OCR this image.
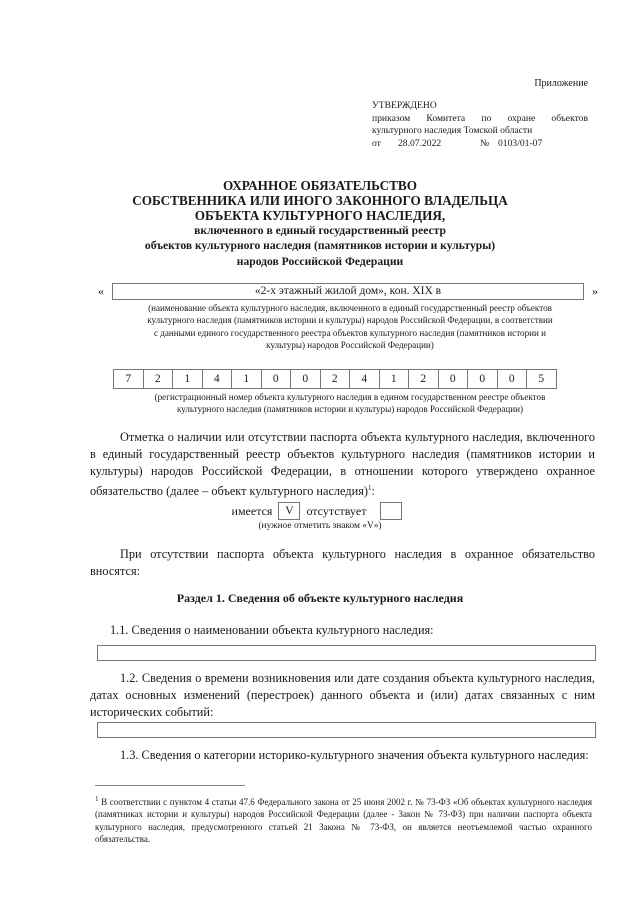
Приложение
УТВЕРЖДЕНО
приказом Комитета по охране объектов
культурного наследия Томской области
от	28.07.2022	№ 0103/01-07
ОХРАННОЕ ОБЯЗАТЕЛЬСТВО
СОБСТВЕННИКА ИЛИ ИНОГО ЗАКОННОГО ВЛАДЕЛЬЦА
ОБЪЕКТА КУЛЬТУРНОГО НАСЛЕДИЯ,
включенного в единый государственный реестр
объектов культурного наследия (памятников истории и культуры)
народов Российской Федерации
«	«2-х этажный жилой дом», кон. XIX в	»
(наименование объекта культурного наследия, включенного в единый государственный реестр объектов
культурного наследия (памятников истории и культуры) народов Российской Федерации, в соответствии
с данными единого государственного реестра объектов культурного наследия (памятников истории и
культуры) народов Российской Федерации)
7	2	1	4	1	0	0	2	4	1	2	0	0	0	5
(регистрационный номер объекта культурного наследия в едином государственном реестре объектов
культурного наследия (памятников истории и культуры) народов Российской Федерации)
Отметка о наличии или отсутствии паспорта объекта культурного наследия, включенного в единый государственный реестр объектов культурного наследия (памятников истории и культуры) народов Российской Федерации, в отношении которого утверждено охранное обязательство (далее – объект культурного наследия)$^1$:
имеется	V	отсутствует
(нужное отметить знаком «V»)
При отсутствии паспорта объекта культурного наследия в охранное обязательство вносятся:
Раздел 1. Сведения об объекте культурного наследия
1.1. Сведения о наименовании объекта культурного наследия:
1.2. Сведения о времени возникновения или дате создания объекта культурного наследия, датах основных изменений (перестроек) данного объекта и (или) датах связанных с ним исторических событий:
1.3. Сведения о категории историко-культурного значения объекта культурного наследия:
$^1$ В соответствии с пунктом 4 статьи 47.6 Федерального закона от 25 июня 2002 г. № 73-ФЗ «Об объектах культурного наследия (памятниках истории и культуры) народов Российской Федерации (далее - Закон № 73-ФЗ) при наличии паспорта объекта культурного наследия, предусмотренного статьей 21 Закона № 73-ФЗ, он является неотъемлемой частью охранного обязательства.
